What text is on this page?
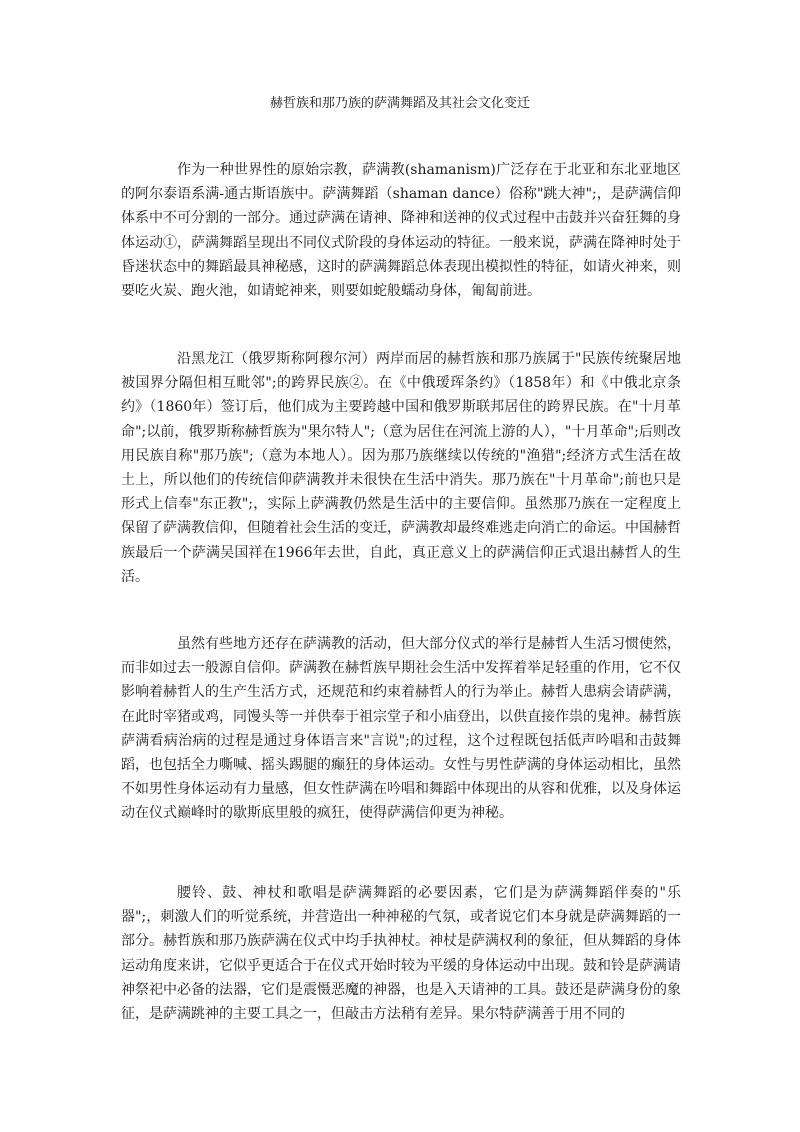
赫哲族和那乃族的萨满舞蹈及其社会文化变迁

作为一种世界性的原始宗教，萨满教(shamanism)广泛存在于北亚和东北亚地区的阿尔泰语系满-通古斯语族中。萨满舞蹈（shaman dance）俗称"跳大神";，是萨满信仰体系中不可分割的一部分。通过萨满在请神、降神和送神的仪式过程中击鼓并兴奋狂舞的身体运动①，萨满舞蹈呈现出不同仪式阶段的身体运动的特征。一般来说，萨满在降神时处于昏迷状态中的舞蹈最具神秘感，这时的萨满舞蹈总体表现出模拟性的特征，如请火神来，则要吃火炭、跑火池，如请蛇神来，则要如蛇般蠕动身体，匍匐前进。

沿黑龙江（俄罗斯称阿穆尔河）两岸而居的赫哲族和那乃族属于"民族传统聚居地被国界分隔但相互毗邻";的跨界民族②。在《中俄瑷珲条约》（1858年）和《中俄北京条约》（1860年）签订后，他们成为主要跨越中国和俄罗斯联邦居住的跨界民族。在"十月革命";以前，俄罗斯称赫哲族为"果尔特人";（意为居住在河流上游的人），"十月革命";后则改用民族自称"那乃族";（意为本地人）。因为那乃族继续以传统的"渔猎";经济方式生活在故土上，所以他们的传统信仰萨满教并未很快在生活中消失。那乃族在"十月革命";前也只是形式上信奉"东正教";，实际上萨满教仍然是生活中的主要信仰。虽然那乃族在一定程度上保留了萨满教信仰，但随着社会生活的变迁，萨满教却最终难逃走向消亡的命运。中国赫哲族最后一个萨满吴国祥在1966年去世，自此，真正意义上的萨满信仰正式退出赫哲人的生活。

虽然有些地方还存在萨满教的活动，但大部分仪式的举行是赫哲人生活习惯使然，而非如过去一般源自信仰。萨满教在赫哲族早期社会生活中发挥着举足轻重的作用，它不仅影响着赫哲人的生产生活方式，还规范和约束着赫哲人的行为举止。赫哲人患病会请萨满，在此时宰猪或鸡，同馒头等一并供奉于祖宗堂子和小庙登出，以供直接作祟的鬼神。赫哲族萨满看病治病的过程是通过身体语言来"言说";的过程，这个过程既包括低声吟唱和击鼓舞蹈，也包括全力嘶喊、摇头踢腿的癫狂的身体运动。女性与男性萨满的身体运动相比，虽然不如男性身体运动有力量感，但女性萨满在吟唱和舞蹈中体现出的从容和优雅，以及身体运动在仪式巅峰时的歇斯底里般的疯狂，使得萨满信仰更为神秘。

腰铃、鼓、神杖和歌唱是萨满舞蹈的必要因素，它们是为萨满舞蹈伴奏的"乐器";，刺激人们的听觉系统，并营造出一种神秘的气氛，或者说它们本身就是萨满舞蹈的一部分。赫哲族和那乃族萨满在仪式中均手执神杖。神杖是萨满权利的象征，但从舞蹈的身体运动角度来讲，它似乎更适合于在仪式开始时较为平缓的身体运动中出现。鼓和铃是萨满请神祭祀中必备的法器，它们是震慑恶魔的神器，也是入天请神的工具。鼓还是萨满身份的象征，是萨满跳神的主要工具之一，但敲击方法稍有差异。果尔特萨满善于用不同的
